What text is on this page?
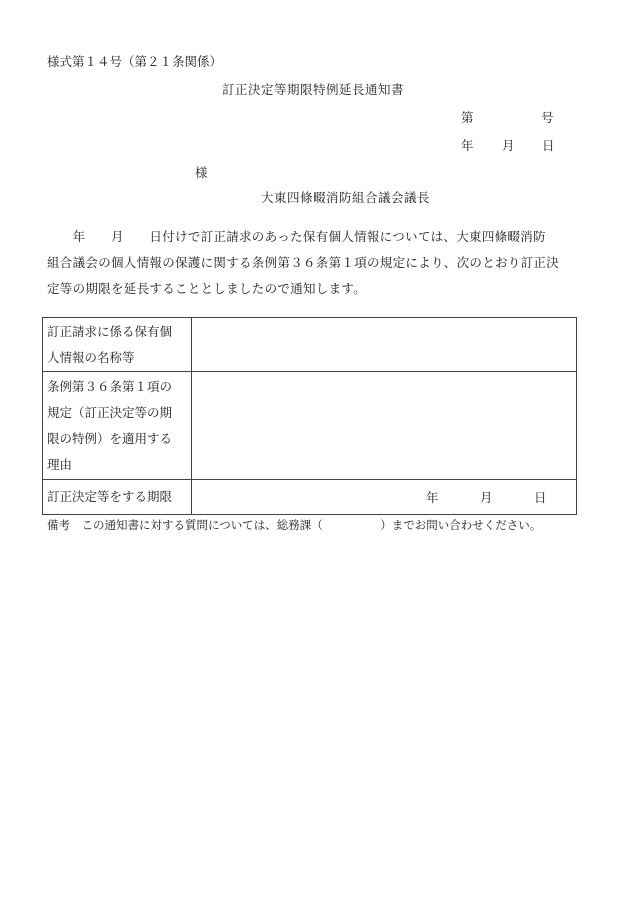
様式第１４号（第２１条関係）
訂正決定等期限特例延長通知書
第	号
年 月 日
様
大東四條畷消防組合議会議長
　　年　　月　　日付けで訂正請求のあった保有個人情報については、大東四條畷消防
組合議会の個人情報の保護に関する条例第３６条第１項の規定により、次のとおり訂正決
定等の期限を延長することとしましたので通知します。
訂正請求に係る保有個
人情報の名称等	

条例第３６条第１項の
規定（訂正決定等の期
限の特例）を適用する
理由	

訂正決定等をする期限	年 月 日
備考　この通知書に対する質問については、総務課（　　　　　）までお問い合わせください。
